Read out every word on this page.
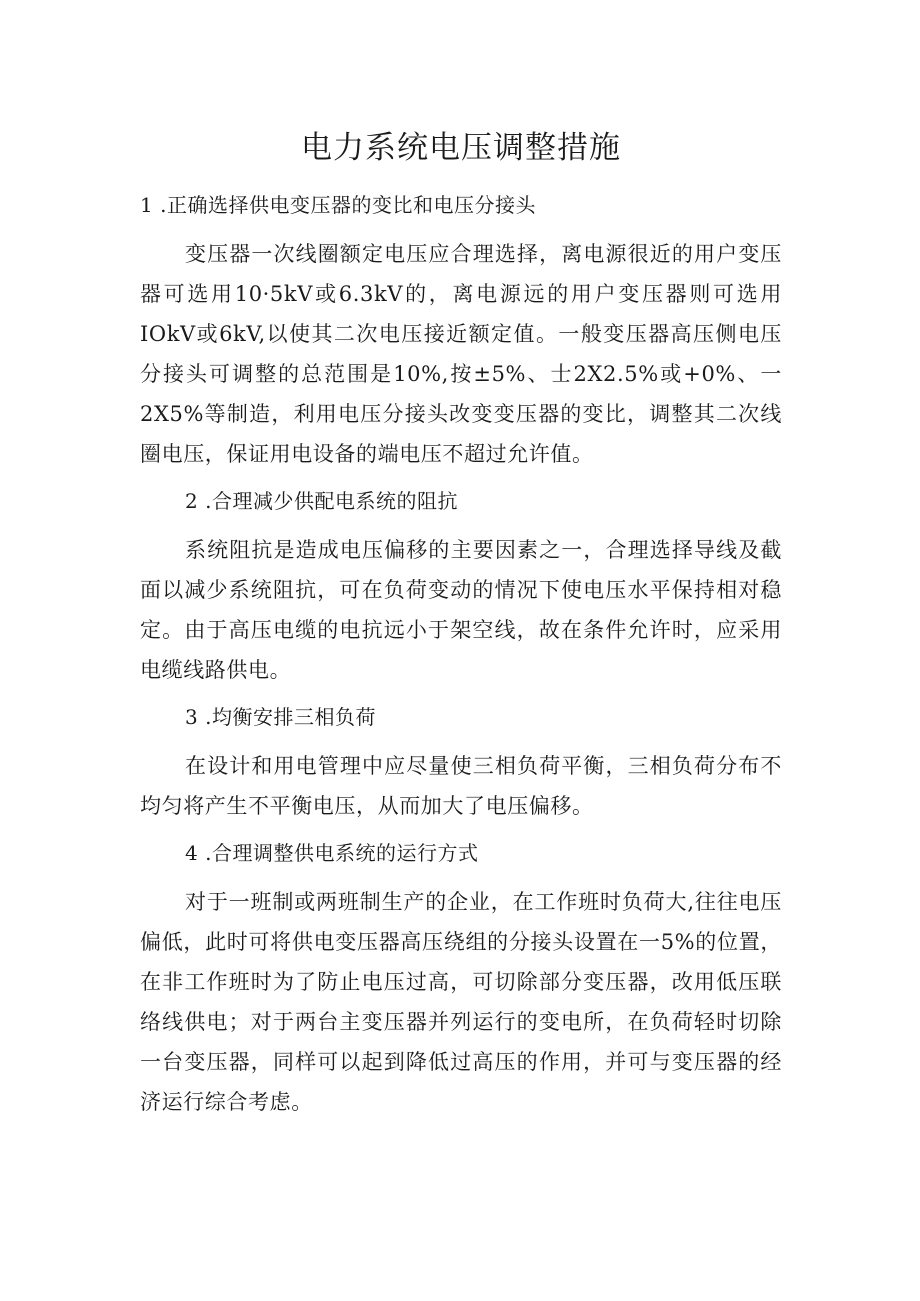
电力系统电压调整措施
1 .正确选择供电变压器的变比和电压分接头

变压器一次线圈额定电压应合理选择，离电源很近的用户变压器可选用10·5kV或6.3kV的，离电源远的用户变压器则可选用IOkV或6kV,以使其二次电压接近额定值。一般变压器高压侧电压分接头可调整的总范围是10%,按±5%、士2X2.5%或+0%、一2X5%等制造，利用电压分接头改变变压器的变比，调整其二次线圈电压，保证用电设备的端电压不超过允许值。

2 .合理减少供配电系统的阻抗

系统阻抗是造成电压偏移的主要因素之一，合理选择导线及截面以减少系统阻抗，可在负荷变动的情况下使电压水平保持相对稳定。由于高压电缆的电抗远小于架空线，故在条件允许时，应采用电缆线路供电。

3 .均衡安排三相负荷

在设计和用电管理中应尽量使三相负荷平衡，三相负荷分布不均匀将产生不平衡电压，从而加大了电压偏移。

4 .合理调整供电系统的运行方式

对于一班制或两班制生产的企业，在工作班时负荷大,往往电压偏低，此时可将供电变压器高压绕组的分接头设置在一5%的位置，在非工作班时为了防止电压过高，可切除部分变压器，改用低压联络线供电；对于两台主变压器并列运行的变电所，在负荷轻时切除一台变压器，同样可以起到降低过高压的作用，并可与变压器的经济运行综合考虑。
